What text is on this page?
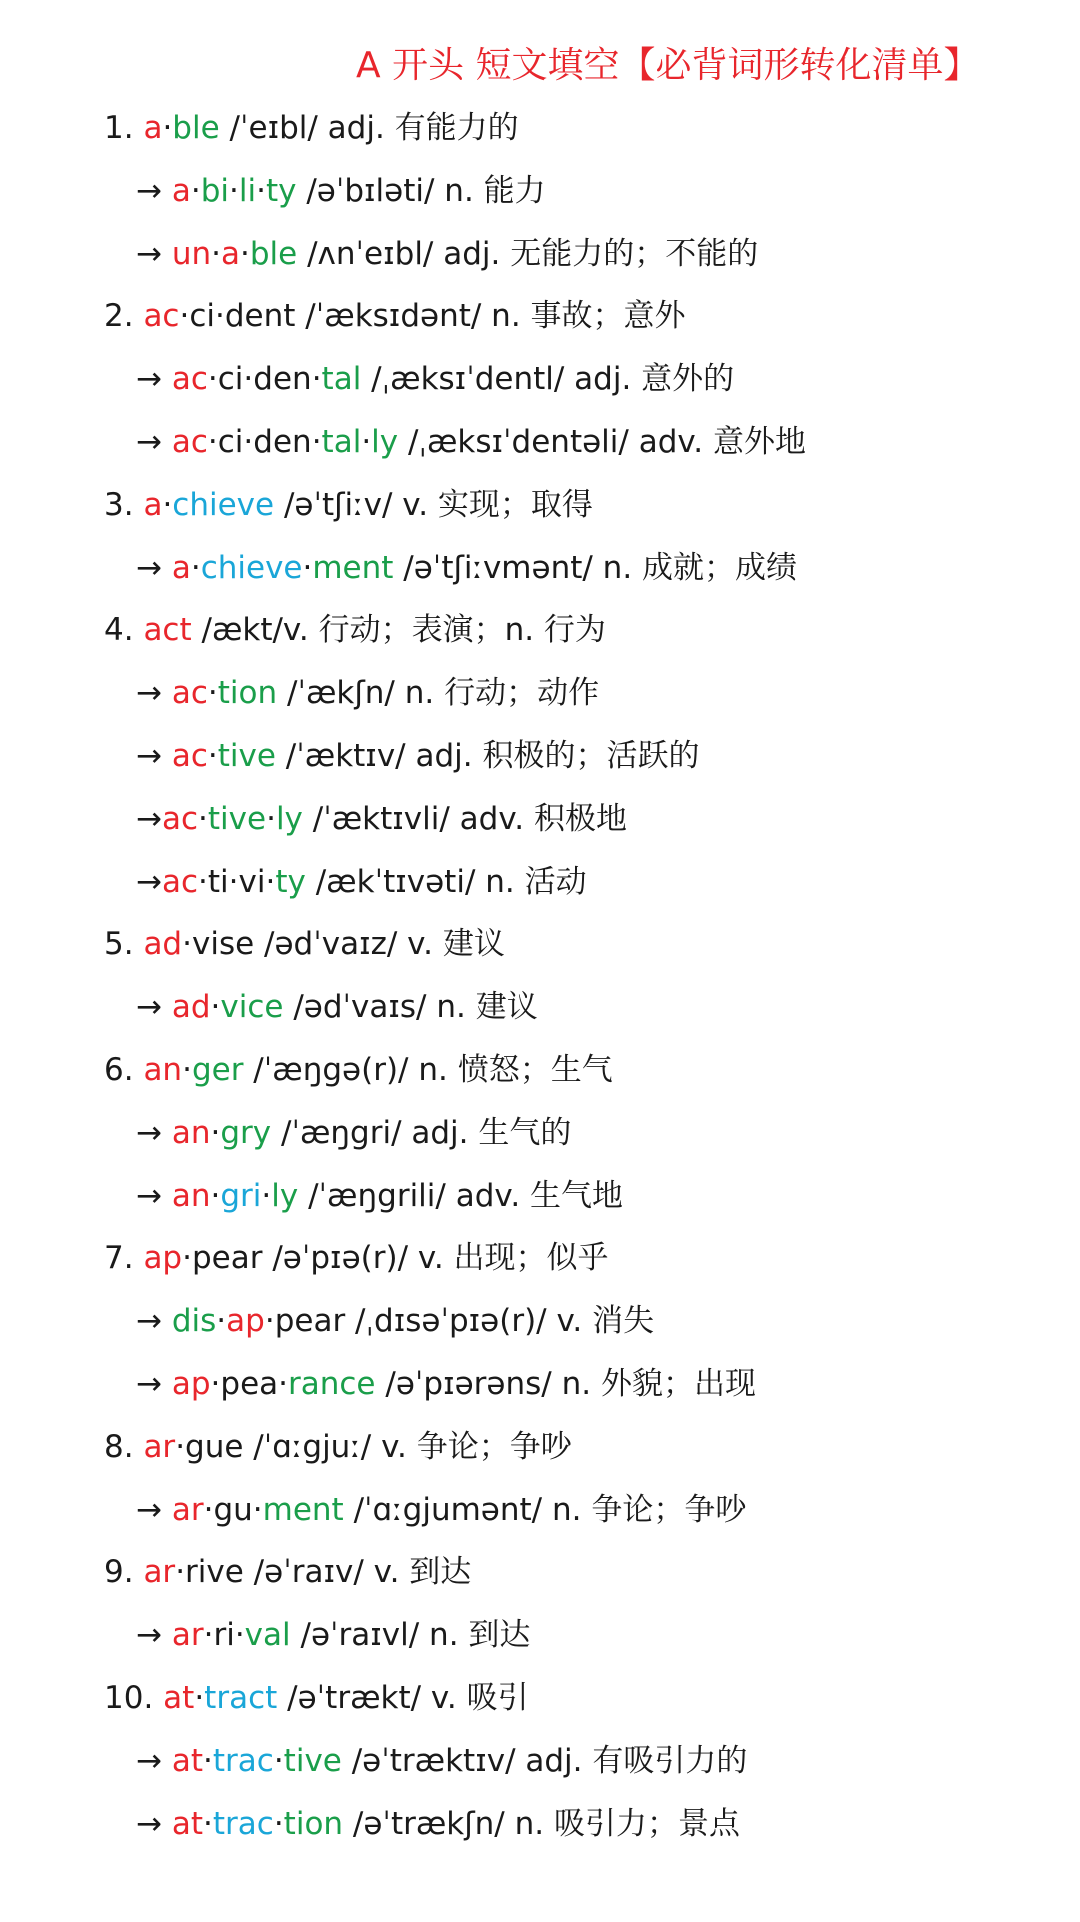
A 开头 短文填空【必背词形转化清单】
1. a·ble /ˈeɪbl/ adj. 有能力的
→ a·bi·li·ty /əˈbɪləti/ n. 能力
→ un·a·ble /ʌnˈeɪbl/ adj. 无能力的；不能的
2. ac·ci·dent /ˈæksɪdənt/ n. 事故；意外
→ ac·ci·den·tal /ˌæksɪˈdentl/ adj. 意外的
→ ac·ci·den·tal·ly /ˌæksɪˈdentəli/ adv. 意外地
3. a·chieve /əˈtʃiːv/ v. 实现；取得
→ a·chieve·ment /əˈtʃiːvmənt/ n. 成就；成绩
4. act /ækt/v. 行动；表演；n. 行为
→ ac·tion /ˈækʃn/ n. 行动；动作
→ ac·tive /ˈæktɪv/ adj. 积极的；活跃的
→ac·tive·ly /ˈæktɪvli/ adv. 积极地
→ac·ti·vi·ty /ækˈtɪvəti/ n. 活动
5. ad·vise /ədˈvaɪz/ v. 建议
→ ad·vice /ədˈvaɪs/ n. 建议
6. an·ger /ˈæŋgə(r)/ n. 愤怒；生气
→ an·gry /ˈæŋgri/ adj. 生气的
→ an·gri·ly /ˈæŋgrili/ adv. 生气地
7. ap·pear /əˈpɪə(r)/ v. 出现；似乎
→ dis·ap·pear /ˌdɪsəˈpɪə(r)/ v. 消失
→ ap·pea·rance /əˈpɪərəns/ n. 外貌；出现
8. ar·gue /ˈɑːgjuː/ v. 争论；争吵
→ ar·gu·ment /ˈɑːgjumənt/ n. 争论；争吵
9. ar·rive /əˈraɪv/ v. 到达
→ ar·ri·val /əˈraɪvl/ n. 到达
10. at·tract /əˈtrækt/ v. 吸引
→ at·trac·tive /əˈtræktɪv/ adj. 有吸引力的
→ at·trac·tion /əˈtrækʃn/ n. 吸引力；景点
